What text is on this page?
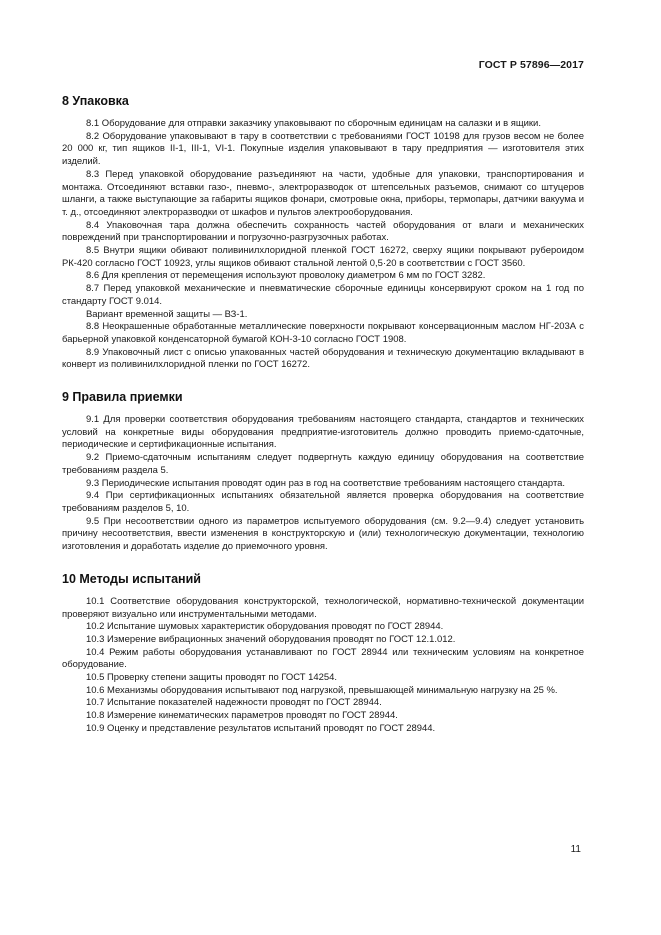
ГОСТ Р 57896—2017
8 Упаковка

8.1 Оборудование для отправки заказчику упаковывают по сборочным единицам на салазки и в ящики.

8.2 Оборудование упаковывают в тару в соответствии с требованиями ГОСТ 10198 для грузов весом не более 20 000 кг, тип ящиков II-1, III-1, VI-1. Покупные изделия упаковывают в тару предприятия — изготовителя этих изделий.

8.3 Перед упаковкой оборудование разъединяют на части, удобные для упаковки, транспортирования и монтажа. Отсоединяют вставки газо-, пневмо-, электроразводок от штепсельных разъемов, снимают со штуцеров шланги, а также выступающие за габариты ящиков фонари, смотровые окна, приборы, термопары, датчики вакуума и т. д., отсоединяют электроразводки от шкафов и пультов электрооборудования.

8.4 Упаковочная тара должна обеспечить сохранность частей оборудования от влаги и механических повреждений при транспортировании и погрузочно-разгрузочных работах.

8.5 Внутри ящики обивают поливинилхлоридной пленкой ГОСТ 16272, сверху ящики покрывают рубероидом РК-420 согласно ГОСТ 10923, углы ящиков обивают стальной лентой 0,5·20 в соответствии с ГОСТ 3560.

8.6 Для крепления от перемещения используют проволоку диаметром 6 мм по ГОСТ 3282.

8.7 Перед упаковкой механические и пневматические сборочные единицы консервируют сроком на 1 год по стандарту ГОСТ 9.014.

Вариант временной защиты — ВЗ-1.

8.8 Неокрашенные обработанные металлические поверхности покрывают консервационным маслом НГ-203А с барьерной упаковкой конденсаторной бумагой КОН-3-10 согласно ГОСТ 1908.

8.9 Упаковочный лист с описью упакованных частей оборудования и техническую документацию вкладывают в конверт из поливинилхлоридной пленки по ГОСТ 16272.

9 Правила приемки

9.1 Для проверки соответствия оборудования требованиям настоящего стандарта, стандартов и технических условий на конкретные виды оборудования предприятие-изготовитель должно проводить приемо-сдаточные, периодические и сертификационные испытания.

9.2 Приемо-сдаточным испытаниям следует подвергнуть каждую единицу оборудования на соответствие требованиям раздела 5.

9.3 Периодические испытания проводят один раз в год на соответствие требованиям настоящего стандарта.

9.4 При сертификационных испытаниях обязательной является проверка оборудования на соответствие требованиям разделов 5, 10.

9.5 При несоответствии одного из параметров испытуемого оборудования (см. 9.2—9.4) следует установить причину несоответствия, ввести изменения в конструкторскую и (или) технологическую документации, технологию изготовления и доработать изделие до приемочного уровня.

10 Методы испытаний

10.1 Соответствие оборудования конструкторской, технологической, нормативно-технической документации проверяют визуально или инструментальными методами.

10.2 Испытание шумовых характеристик оборудования проводят по ГОСТ 28944.

10.3 Измерение вибрационных значений оборудования проводят по ГОСТ 12.1.012.

10.4 Режим работы оборудования устанавливают по ГОСТ 28944 или техническим условиям на конкретное оборудование.

10.5 Проверку степени защиты проводят по ГОСТ 14254.

10.6 Механизмы оборудования испытывают под нагрузкой, превышающей минимальную нагрузку на 25 %.

10.7 Испытание показателей надежности проводят по ГОСТ 28944.

10.8 Измерение кинематических параметров проводят по ГОСТ 28944.

10.9 Оценку и представление результатов испытаний проводят по ГОСТ 28944.

11
